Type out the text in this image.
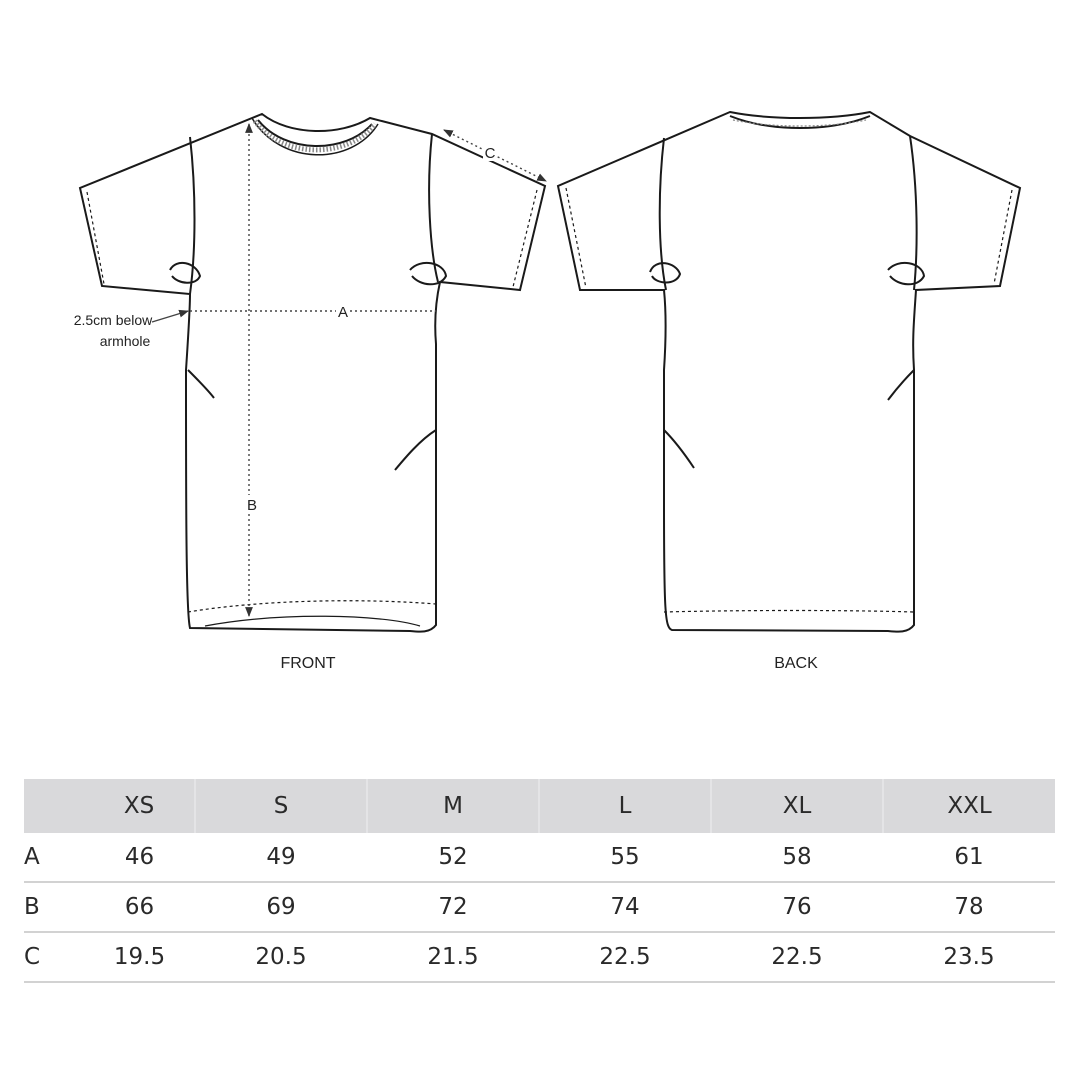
A
B
C
2.5cm below
armhole
FRONT	BACK
	XS	S	M	L	XL	XXL
A	46	49	52	55	58	61
B	66	69	72	74	76	78
C	19.5	20.5	21.5	22.5	22.5	23.5
